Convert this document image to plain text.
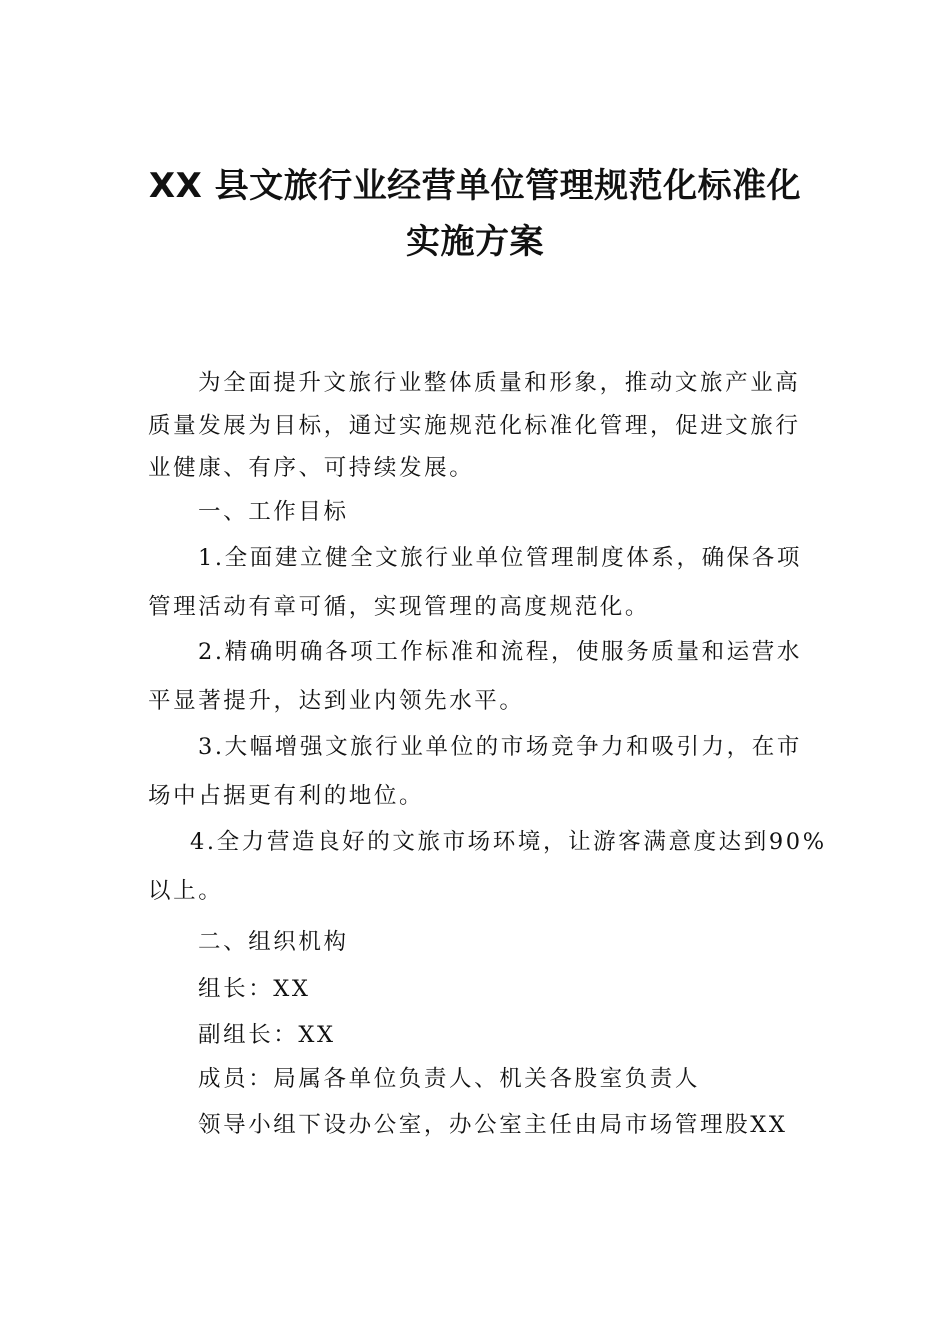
XX 县文旅行业经营单位管理规范化标准化
实施方案
为全面提升文旅行业整体质量和形象，推动文旅产业高
质量发展为目标，通过实施规范化标准化管理，促进文旅行
业健康、有序、可持续发展。
一、工作目标
1.全面建立健全文旅行业单位管理制度体系，确保各项
管理活动有章可循，实现管理的高度规范化。
2.精确明确各项工作标准和流程，使服务质量和运营水
平显著提升，达到业内领先水平。
3.大幅增强文旅行业单位的市场竞争力和吸引力，在市
场中占据更有利的地位。
4.全力营造良好的文旅市场环境，让游客满意度达到90%
以上。
二、组织机构
组长：XX
副组长：XX
成员：局属各单位负责人、机关各股室负责人
领导小组下设办公室，办公室主任由局市场管理股XX
